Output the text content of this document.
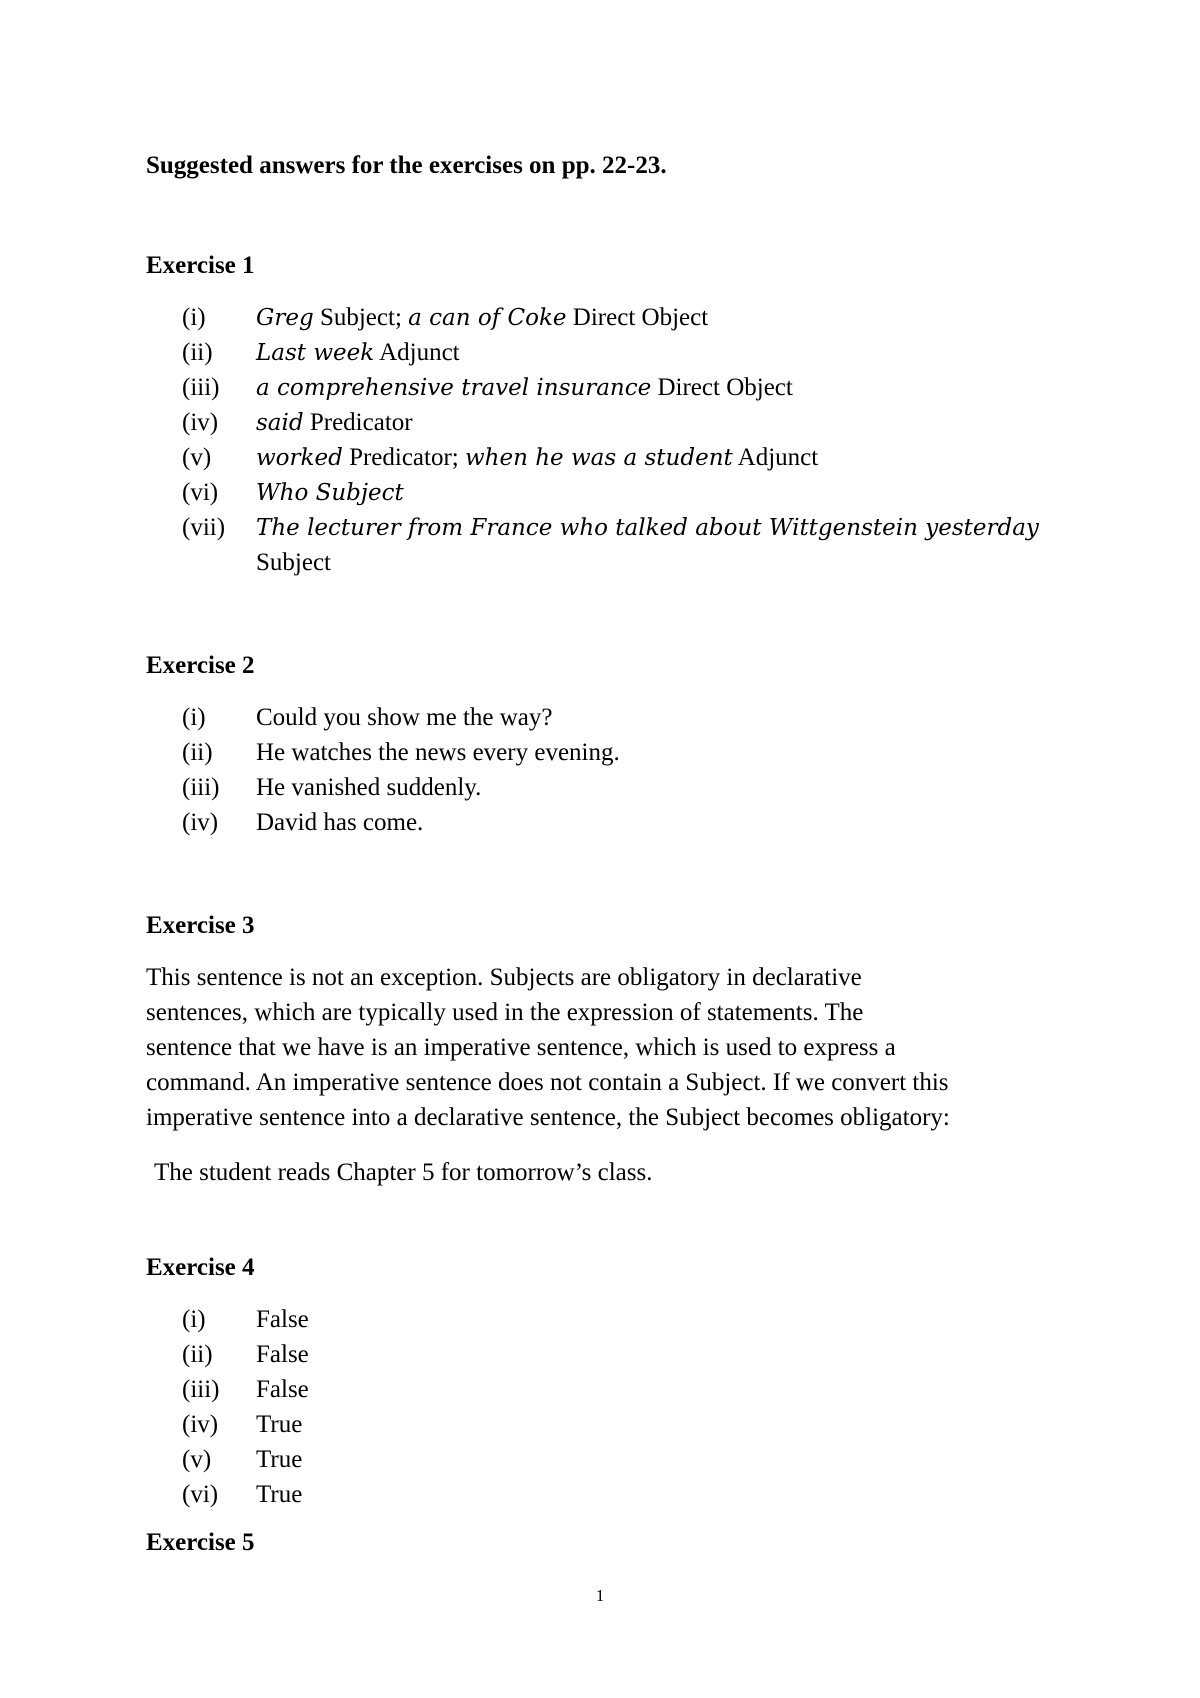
Suggested answers for the exercises on pp. 22-23.
Exercise 1
(i) Greg Subject; a can of Coke Direct Object
(ii) Last week Adjunct
(iii) a comprehensive travel insurance Direct Object
(iv) said Predicator
(v) worked Predicator; when he was a student Adjunct
(vi) Who Subject
(vii) The lecturer from France who talked about Wittgenstein yesterday
Subject
Exercise 2
(i) Could you show me the way?
(ii) He watches the news every evening.
(iii) He vanished suddenly.
(iv) David has come.
Exercise 3
This sentence is not an exception. Subjects are obligatory in declarative
sentences, which are typically used in the expression of statements. The
sentence that we have is an imperative sentence, which is used to express a
command. An imperative sentence does not contain a Subject. If we convert this
imperative sentence into a declarative sentence, the Subject becomes obligatory:
The student reads Chapter 5 for tomorrow’s class.
Exercise 4
(i) False
(ii) False
(iii) False
(iv) True
(v) True
(vi) True
Exercise 5
1
